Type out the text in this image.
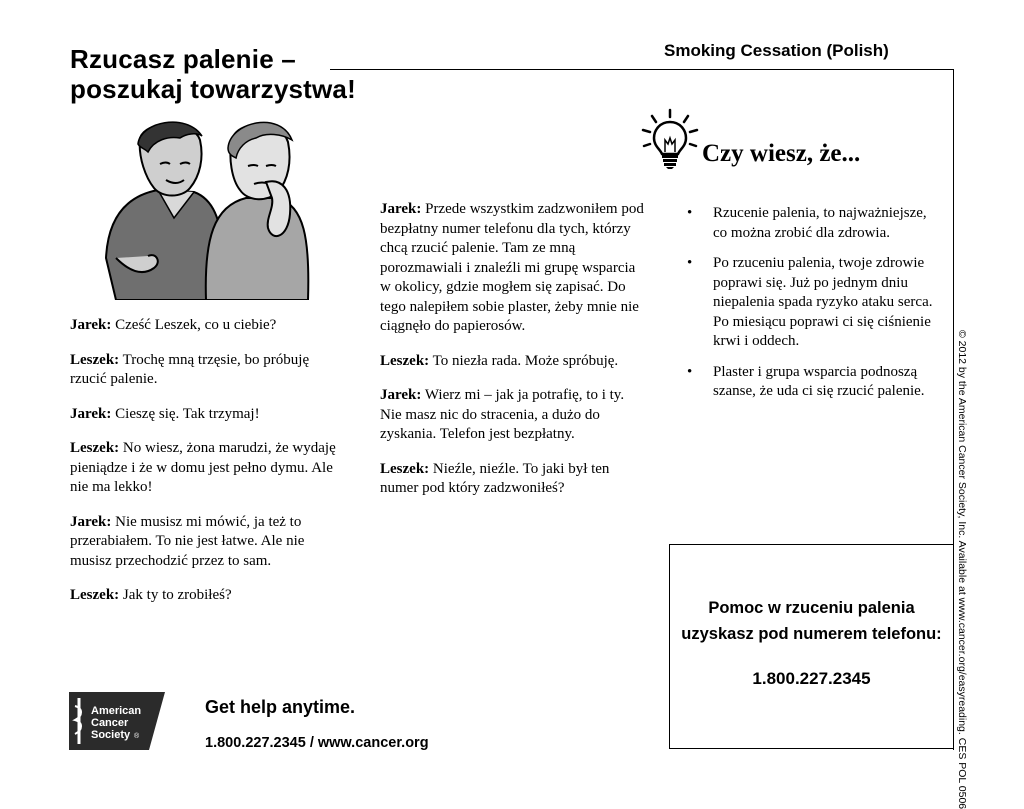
Rzucasz palenie –
poszukaj towarzystwa!
Smoking Cessation (Polish)

Jarek: Cześć Leszek, co u ciebie?

Leszek: Trochę mną trzęsie, bo próbuję rzucić palenie.

Jarek: Cieszę się. Tak trzymaj!

Leszek: No wiesz, żona marudzi, że wydaję pieniądze i że w domu jest pełno dymu. Ale nie ma lekko!

Jarek: Nie musisz mi mówić, ja też to przerabiałem. To nie jest łatwe. Ale nie musisz przechodzić przez to sam.

Leszek: Jak ty to zrobiłeś?

Jarek: Przede wszystkim zadzwoniłem pod bezpłatny numer telefonu dla tych, którzy chcą rzucić palenie. Tam ze mną porozmawiali i znaleźli mi grupę wsparcia w okolicy, gdzie mogłem się zapisać. Do tego nalepiłem sobie plaster, żeby mnie nie ciągnęło do papierosów.

Leszek: To niezła rada. Może spróbuję.

Jarek: Wierz mi – jak ja potrafię, to i ty. Nie masz nic do stracenia, a dużo do zyskania. Telefon jest bezpłatny.

Leszek: Nieźle, nieźle. To jaki był ten numer pod który zadzwoniłeś?

Czy wiesz, że...
• Rzucenie palenia, to najważniejsze, co można zrobić dla zdrowia.
• Po rzuceniu palenia, twoje zdrowie poprawi się. Już po jednym dniu niepalenia spada ryzyko ataku serca. Po miesiącu poprawi ci się ciśnienie krwi i oddech.
• Plaster i grupa wsparcia podnoszą szanse, że uda ci się rzucić palenie.	© 2012 by the American Cancer Society, Inc. Available at www.cancer.org/easyreading. CES POL 0506
Pomoc w rzuceniu palenia uzyskasz pod numerem telefonu:
1.800.227.2345
American
Cancer
Society ®
Get help anytime.
1.800.227.2345 / www.cancer.org
